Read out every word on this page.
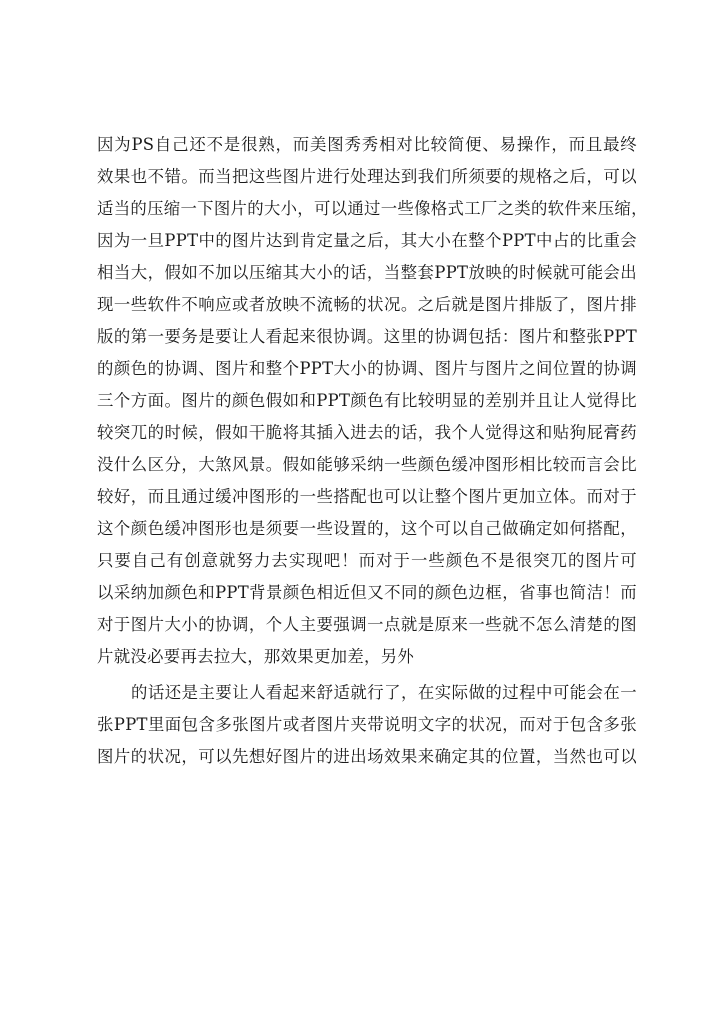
因为PS自己还不是很熟，而美图秀秀相对比较简便、易操作，而且最终
效果也不错。而当把这些图片进行处理达到我们所须要的规格之后，可以
适当的压缩一下图片的大小，可以通过一些像格式工厂之类的软件来压缩，
因为一旦PPT中的图片达到肯定量之后，其大小在整个PPT中占的比重会
相当大，假如不加以压缩其大小的话，当整套PPT放映的时候就可能会出
现一些软件不响应或者放映不流畅的状况。之后就是图片排版了，图片排
版的第一要务是要让人看起来很协调。这里的协调包括：图片和整张PPT
的颜色的协调、图片和整个PPT大小的协调、图片与图片之间位置的协调
三个方面。图片的颜色假如和PPT颜色有比较明显的差别并且让人觉得比
较突兀的时候，假如干脆将其插入进去的话，我个人觉得这和贴狗屁膏药
没什么区分，大煞风景。假如能够采纳一些颜色缓冲图形相比较而言会比
较好，而且通过缓冲图形的一些搭配也可以让整个图片更加立体。而对于
这个颜色缓冲图形也是须要一些设置的，这个可以自己做确定如何搭配，
只要自己有创意就努力去实现吧！而对于一些颜色不是很突兀的图片可
以采纳加颜色和PPT背景颜色相近但又不同的颜色边框，省事也简洁！而
对于图片大小的协调，个人主要强调一点就是原来一些就不怎么清楚的图
片就没必要再去拉大，那效果更加差，另外
的话还是主要让人看起来舒适就行了，在实际做的过程中可能会在一
张PPT里面包含多张图片或者图片夹带说明文字的状况，而对于包含多张
图片的状况，可以先想好图片的进出场效果来确定其的位置，当然也可以
